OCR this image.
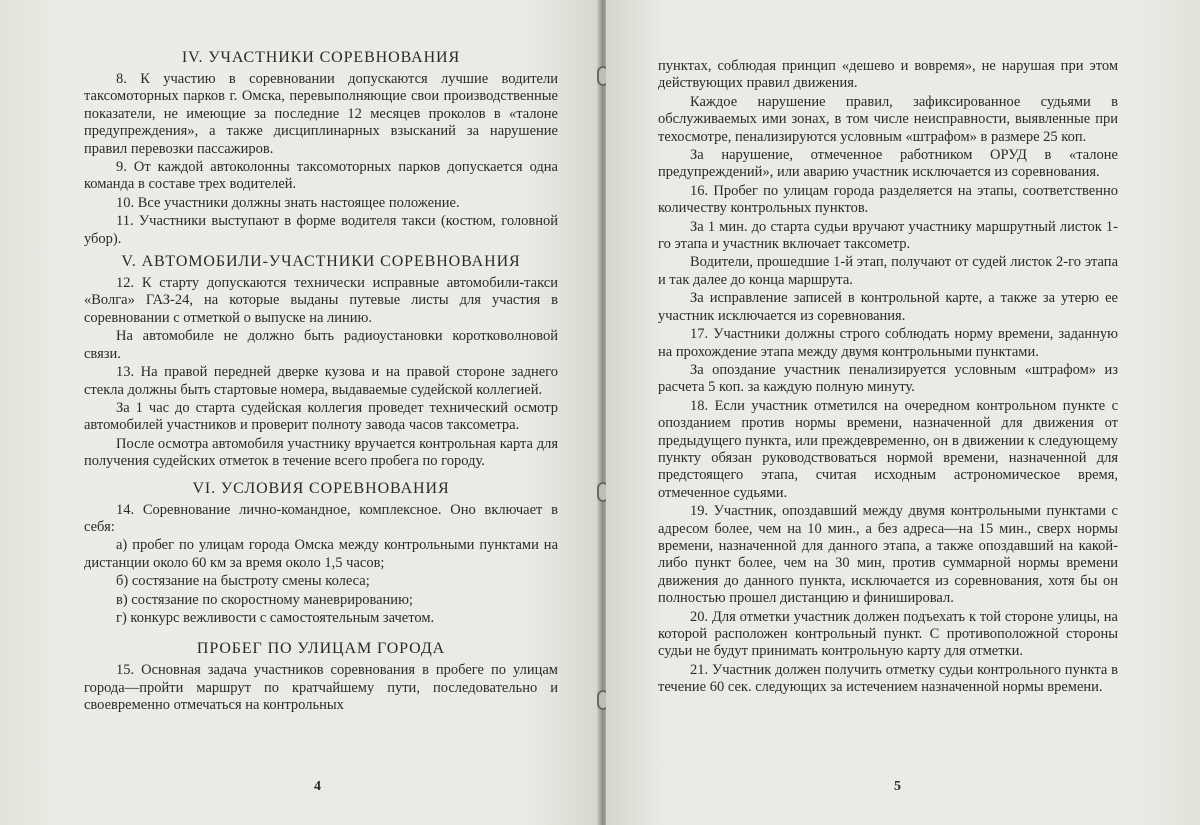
IV. УЧАСТНИКИ СОРЕВНОВАНИЯ

8. К участию в соревновании допускаются лучшие водители таксомоторных парков г. Омска, перевыполняющие свои производственные показатели, не имеющие за последние 12 месяцев проколов в «талоне предупреждения», а также дисциплинарных взысканий за нарушение правил перевозки пассажиров.

9. От каждой автоколонны таксомоторных парков допускается одна команда в составе трех водителей.

10. Все участники должны знать настоящее положение.

11. Участники выступают в форме водителя такси (костюм, головной убор).

V. АВТОМОБИЛИ-УЧАСТНИКИ СОРЕВНОВАНИЯ

12. К старту допускаются технически исправные автомобили-такси «Волга» ГАЗ-24, на которые выданы путевые листы для участия в соревновании с отметкой о выпуске на линию.

На автомобиле не должно быть радиоустановки коротковолновой связи.

13. На правой передней дверке кузова и на правой стороне заднего стекла должны быть стартовые номера, выдаваемые судейской коллегией.

За 1 час до старта судейская коллегия проведет технический осмотр автомобилей участников и проверит полноту завода часов таксометра.

После осмотра автомобиля участнику вручается контрольная карта для получения судейских отметок в течение всего пробега по городу.

VI. УСЛОВИЯ СОРЕВНОВАНИЯ

14. Соревнование лично-командное, комплексное. Оно включает в себя:

а) пробег по улицам города Омска между контрольными пунктами на дистанции около 60 км за время около 1,5 часов;

б) состязание на быстроту смены колеса;

в) состязание по скоростному маневрированию;

г) конкурс вежливости с самостоятельным зачетом.

ПРОБЕГ ПО УЛИЦАМ ГОРОДА

15. Основная задача участников соревнования в пробеге по улицам города—пройти маршрут по кратчайшему пути, последовательно и своевременно отмечаться на контрольных

4

пунктах, соблюдая принцип «дешево и вовремя», не нарушая при этом действующих правил движения.

Каждое нарушение правил, зафиксированное судьями в обслуживаемых ими зонах, в том числе неисправности, выявленные при техосмотре, пенализируются условным «штрафом» в размере 25 коп.

За нарушение, отмеченное работником ОРУД в «талоне предупреждений», или аварию участник исключается из соревнования.

16. Пробег по улицам города разделяется на этапы, соответственно количеству контрольных пунктов.

За 1 мин. до старта судьи вручают участнику маршрутный листок 1-го этапа и участник включает таксометр.

Водители, прошедшие 1-й этап, получают от судей листок 2-го этапа и так далее до конца маршрута.

За исправление записей в контрольной карте, а также за утерю ее участник исключается из соревнования.

17. Участники должны строго соблюдать норму времени, заданную на прохождение этапа между двумя контрольными пунктами.

За опоздание участник пенализируется условным «штрафом» из расчета 5 коп. за каждую полную минуту.

18. Если участник отметился на очередном контрольном пункте с опозданием против нормы времени, назначенной для движения от предыдущего пункта, или преждевременно, он в движении к следующему пункту обязан руководствоваться нормой времени, назначенной для предстоящего этапа, считая исходным астрономическое время, отмеченное судьями.

19. Участник, опоздавший между двумя контрольными пунктами с адресом более, чем на 10 мин., а без адреса—на 15 мин., сверх нормы времени, назначенной для данного этапа, а также опоздавший на какой-либо пункт более, чем на 30 мин, против суммарной нормы времени движения до данного пункта, исключается из соревнования, хотя бы он полностью прошел дистанцию и финишировал.

20. Для отметки участник должен подъехать к той стороне улицы, на которой расположен контрольный пункт. С противоположной стороны судьи не будут принимать контрольную карту для отметки.

21. Участник должен получить отметку судьи контрольного пункта в течение 60 сек. следующих за истечением назначенной нормы времени.

5
